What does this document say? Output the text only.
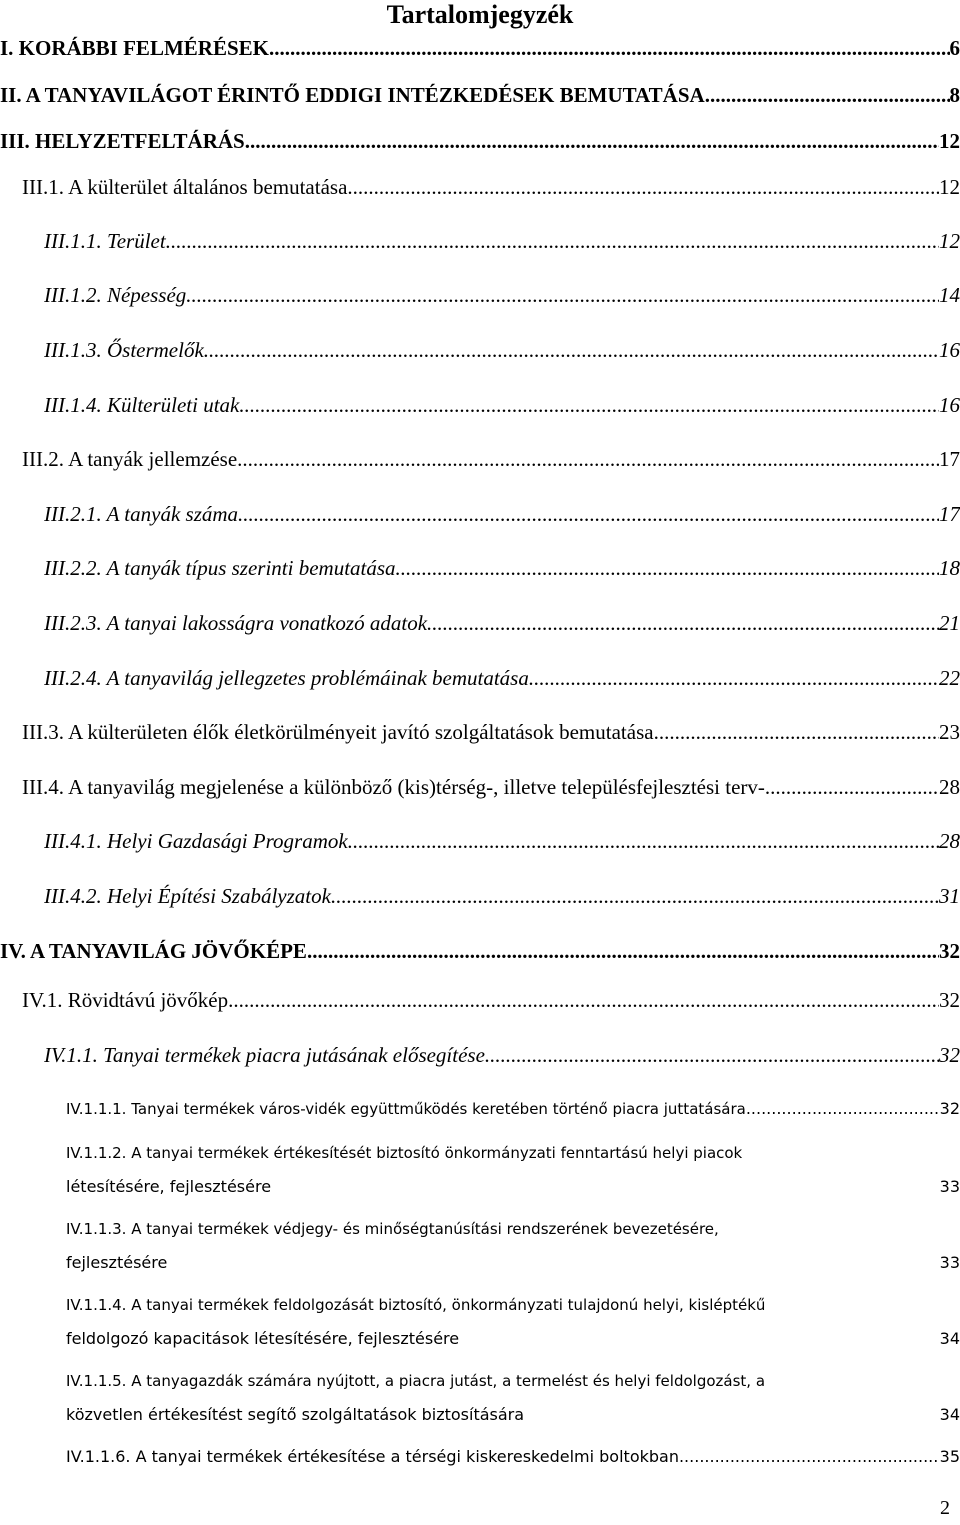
Tartalomjegyzék
I. KORÁBBI FELMÉRÉSEK .....	6
II. A TANYAVILÁGOT ÉRINTŐ EDDIGI INTÉZKEDÉSEK BEMUTATÁSA .....	8
III. HELYZETFELTÁRÁS .....	12
III.1. A külterület általános bemutatása .....	12
III.1.1. Terület .....	12
III.1.2. Népesség .....	14
III.1.3. Őstermelők .....	16
III.1.4. Külterületi utak .....	16
III.2. A tanyák jellemzése .....	17
III.2.1. A tanyák száma .....	17
III.2.2. A tanyák típus szerinti bemutatása .....	18
III.2.3. A tanyai lakosságra vonatkozó adatok .....	21
III.2.4. A tanyavilág jellegzetes problémáinak bemutatása .....	22
III.3. A külterületen élők életkörülményeit javító szolgáltatások bemutatása .....	23
III.4. A tanyavilág megjelenése a különböző (kis)térség-, illetve településfejlesztési terv- .....	28
III.4.1. Helyi Gazdasági Programok .....	28
III.4.2. Helyi Építési Szabályzatok .....	31
IV. A TANYAVILÁG JÖVŐKÉPE .....	32
IV.1. Rövidtávú jövőkép .....	32
IV.1.1. Tanyai termékek piacra jutásának elősegítése .....	32
IV.1.1.1. Tanyai termékek város-vidék együttműködés keretében történő piacra juttatására .....	32
IV.1.1.2. A tanyai termékek értékesítését biztosító önkormányzati fenntartású helyi piacok
létesítésére, fejlesztésére	33
IV.1.1.3. A tanyai termékek védjegy- és minőségtanúsítási rendszerének bevezetésére,
fejlesztésére	33
IV.1.1.4. A tanyai termékek feldolgozását biztosító, önkormányzati tulajdonú helyi, kisléptékű
feldolgozó kapacitások létesítésére, fejlesztésére	34
IV.1.1.5. A tanyagazdák számára nyújtott, a piacra jutást, a termelést és helyi feldolgozást, a
közvetlen értékesítést segítő szolgáltatások biztosítására	34
IV.1.1.6. A tanyai termékek értékesítése a térségi kiskereskedelmi boltokban .....	35
2
